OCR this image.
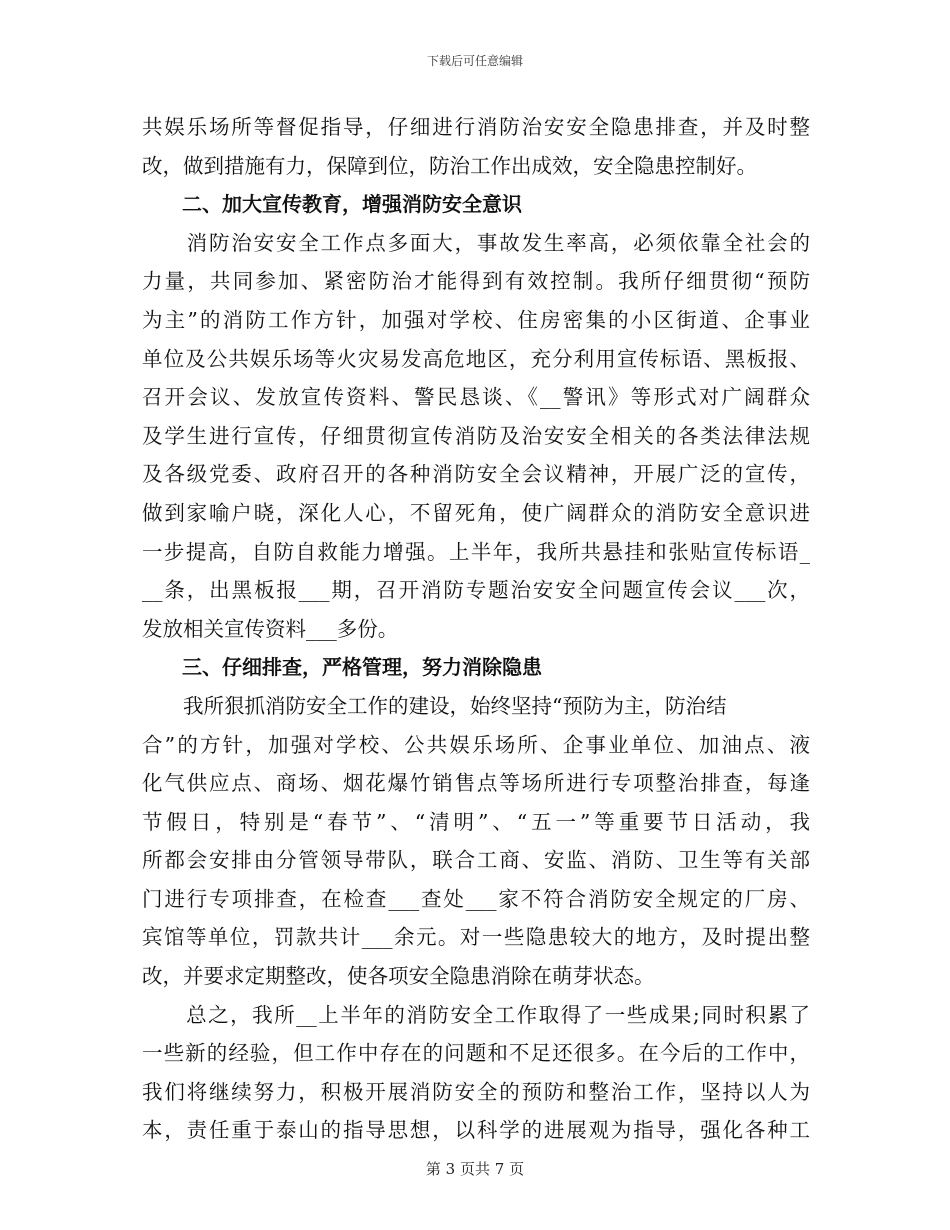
下载后可任意编辑
共娱乐场所等督促指导，仔细进行消防治安安全隐患排查，并及时整
改，做到措施有力，保障到位，防治工作出成效，安全隐患控制好。
　　二、加大宣传教育，增强消防安全意识
　　消防治安安全工作点多面大，事故发生率高，必须依靠全社会的
力量，共同参加、紧密防治才能得到有效控制。我所仔细贯彻“预防
为主”的消防工作方针，加强对学校、住房密集的小区街道、企事业
单位及公共娱乐场等火灾易发高危地区，充分利用宣传标语、黑板报、
召开会议、发放宣传资料、警民恳谈、《__警讯》等形式对广阔群众
及学生进行宣传，仔细贯彻宣传消防及治安安全相关的各类法律法规
及各级党委、政府召开的各种消防安全会议精神，开展广泛的宣传，
做到家喻户晓，深化人心，不留死角，使广阔群众的消防安全意识进
一步提高，自防自救能力增强。上半年，我所共悬挂和张贴宣传标语_
__条，出黑板报___期，召开消防专题治安安全问题宣传会议___次，
发放相关宣传资料___多份。
　　三、仔细排查，严格管理，努力消除隐患
　　我所狠抓消防安全工作的建设，始终坚持“预防为主，防治结
合”的方针，加强对学校、公共娱乐场所、企事业单位、加油点、液
化气供应点、商场、烟花爆竹销售点等场所进行专项整治排查，每逢
节假日，特别是“春节”、“清明”、“五一”等重要节日活动，我
所都会安排由分管领导带队，联合工商、安监、消防、卫生等有关部
门进行专项排查，在检查___查处___家不符合消防安全规定的厂房、
宾馆等单位，罚款共计___余元。对一些隐患较大的地方，及时提出整
改，并要求定期整改，使各项安全隐患消除在萌芽状态。
　　总之，我所__上半年的消防安全工作取得了一些成果;同时积累了
一些新的经验，但工作中存在的问题和不足还很多。在今后的工作中，
我们将继续努力，积极开展消防安全的预防和整治工作，坚持以人为
本，责任重于泰山的指导思想，以科学的进展观为指导，强化各种工
第 3 页共 7 页
